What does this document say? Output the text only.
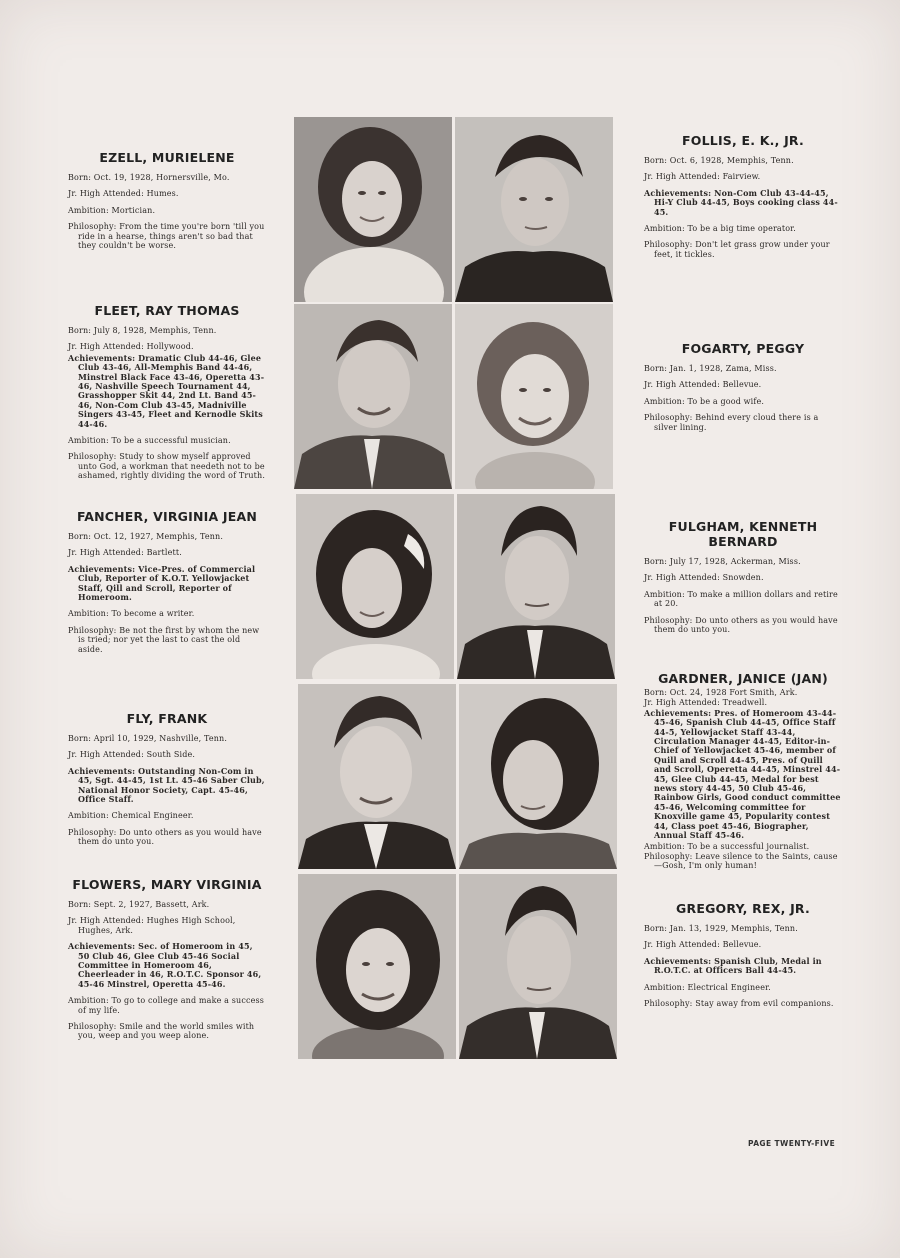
EZELL, MURIELENE
Born: Oct. 19, 1928, Hornersville, Mo.
Jr. High Attended: Humes.
Ambition: Mortician.
Philosophy: From the time you're born 'till you ride in a hearse, things aren't so bad that they couldn't be worse.
FLEET, RAY THOMAS
Born: July 8, 1928, Memphis, Tenn.
Jr. High Attended: Hollywood.
Achievements: Dramatic Club 44-46, Glee Club 43-46, All-Memphis Band 44-46, Minstrel Black Face 43-46, Operetta 43-46, Nashville Speech Tournament 44, Grasshopper Skit 44, 2nd Lt. Band 45-46, Non-Com Club 43-45, Madniville Singers 43-45, Fleet and Kernodle Skits 44-46.
Ambition: To be a successful musician.
Philosophy: Study to show myself approved unto God, a workman that needeth not to be ashamed, rightly dividing the word of Truth.
FANCHER, VIRGINIA JEAN
Born: Oct. 12, 1927, Memphis, Tenn.
Jr. High Attended: Bartlett.
Achievements: Vice-Pres. of Commercial Club, Reporter of K.O.T. Yellowjacket Staff, Qill and Scroll, Reporter of Homeroom.
Ambition: To become a writer.
Philosophy: Be not the first by whom the new is tried; nor yet the last to cast the old aside.
FLY, FRANK
Born: April 10, 1929, Nashville, Tenn.
Jr. High Attended: South Side.
Achievements: Outstanding Non-Com in 45, Sgt. 44-45, 1st Lt. 45-46 Saber Club, National Honor Society, Capt. 45-46, Office Staff.
Ambition: Chemical Engineer.
Philosophy: Do unto others as you would have them do unto you.
FLOWERS, MARY VIRGINIA
Born: Sept. 2, 1927, Bassett, Ark.
Jr. High Attended: Hughes High School, Hughes, Ark.
Achievements: Sec. of Homeroom in 45, 50 Club 46, Glee Club 45-46 Social Committee in Homeroom 46, Cheerleader in 46, R.O.T.C. Sponsor 46, 45-46 Minstrel, Operetta 45-46.
Ambition: To go to college and make a success of my life.
Philosophy: Smile and the world smiles with you, weep and you weep alone.
FOLLIS, E. K., JR.
Born: Oct. 6, 1928, Memphis, Tenn.
Jr. High Attended: Fairview.
Achievements: Non-Com Club 43-44-45, Hi-Y Club 44-45, Boys cooking class 44-45.
Ambition: To be a big time operator.
Philosophy: Don't let grass grow under your feet, it tickles.
FOGARTY, PEGGY
Born: Jan. 1, 1928, Zama, Miss.
Jr. High Attended: Bellevue.
Ambition: To be a good wife.
Philosophy: Behind every cloud there is a silver lining.
FULGHAM, KENNETH BERNARD
Born: July 17, 1928, Ackerman, Miss.
Jr. High Attended: Snowden.
Ambition: To make a million dollars and retire at 20.
Philosophy: Do unto others as you would have them do unto you.
GARDNER, JANICE (JAN)
Born: Oct. 24, 1928 Fort Smith, Ark.
Jr. High Attended: Treadwell.
Achievements: Pres. of Homeroom 43-44-45-46, Spanish Club 44-45, Office Staff 44-5, Yellowjacket Staff 43-44, Circulation Manager 44-45, Editor-in-Chief of Yellowjacket 45-46, member of Quill and Scroll 44-45, Pres. of Quill and Scroll, Operetta 44-45, Minstrel 44-45, Glee Club 44-45, Medal for best news story 44-45, 50 Club 45-46, Rainbow Girls, Good conduct committee 45-46, Welcoming committee for Knoxville game 45, Popularity contest 44, Class poet 45-46, Biographer, Annual Staff 45-46.
Ambition: To be a successful journalist.
Philosophy: Leave silence to the Saints, cause—Gosh, I'm only human!
GREGORY, REX, JR.
Born: Jan. 13, 1929, Memphis, Tenn.
Jr. High Attended: Bellevue.
Achievements: Spanish Club, Medal in R.O.T.C. at Officers Ball 44-45.
Ambition: Electrical Engineer.
Philosophy: Stay away from evil companions.
PAGE TWENTY-FIVE
